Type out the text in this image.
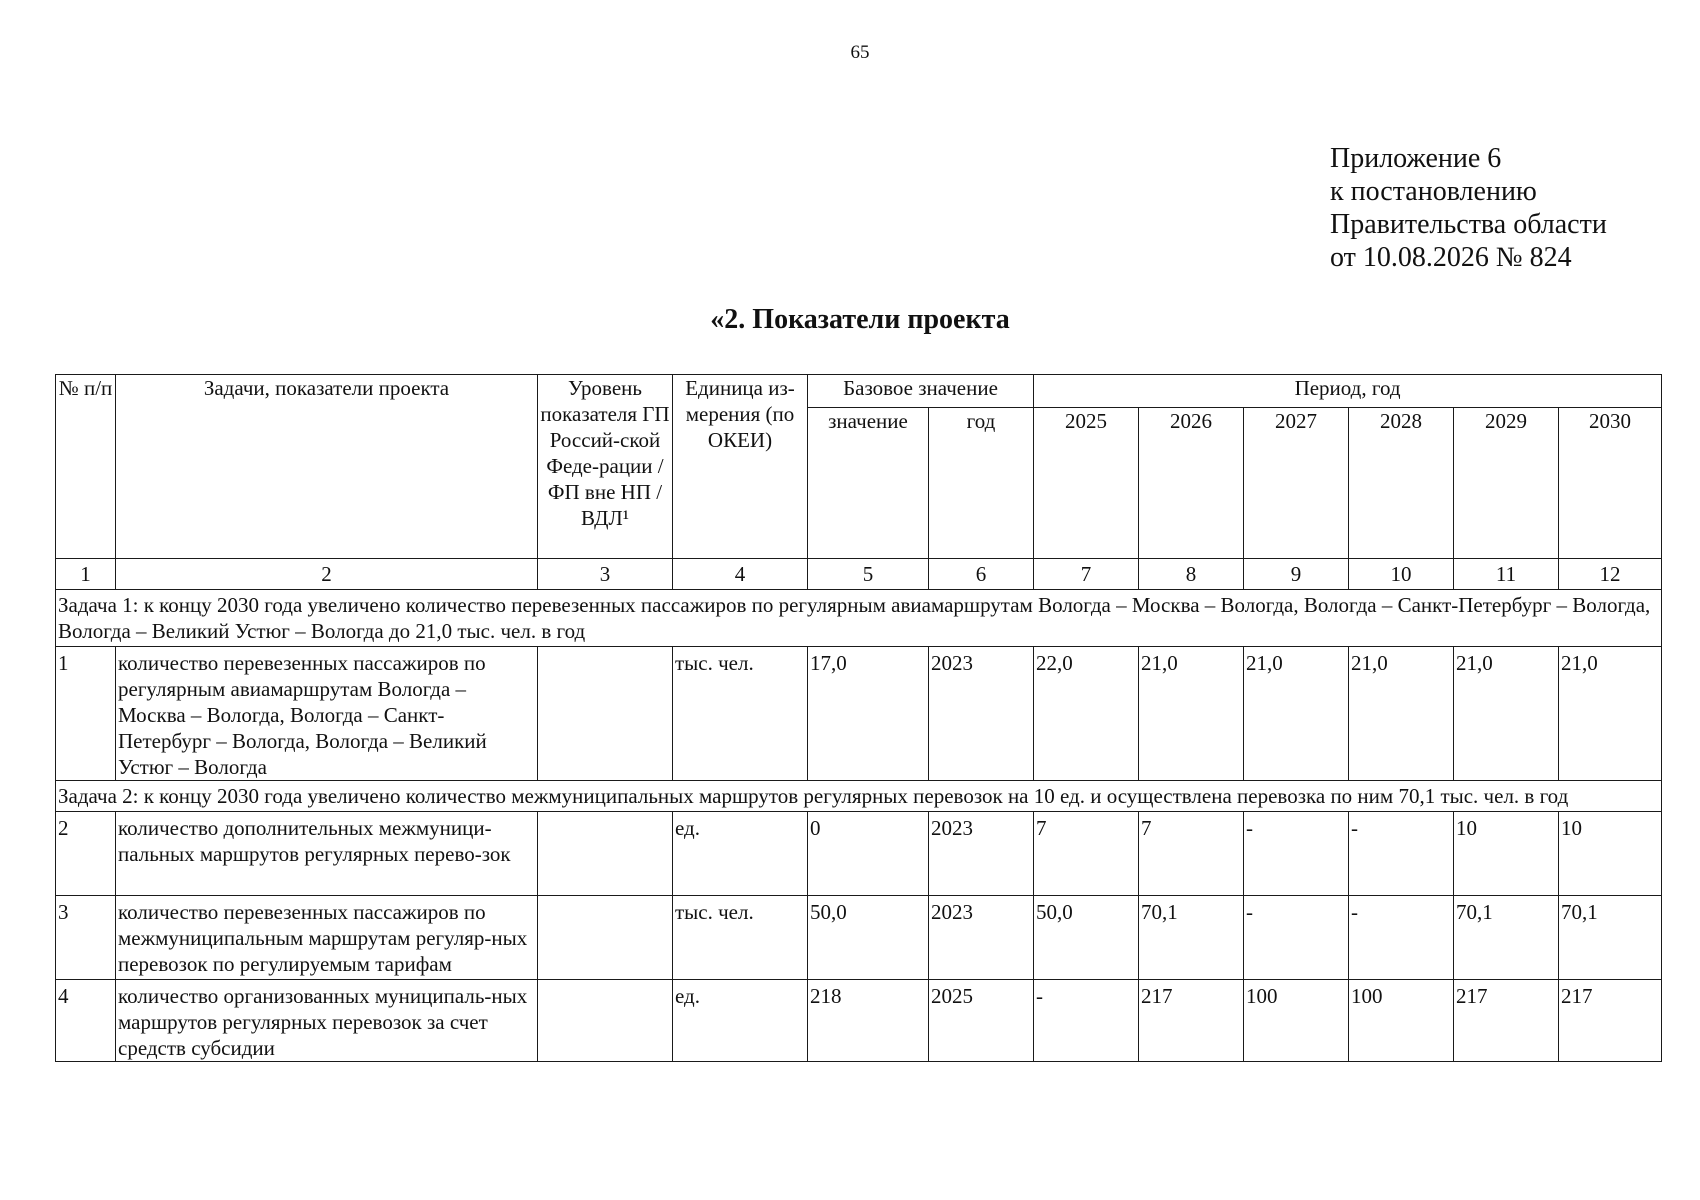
65
Приложение 6
к постановлению
Правительства области
от 10.08.2026 № 824
«2. Показатели проекта
№ п/п	Задачи, показатели проекта	Уровень показателя ГП Россий-ской Феде-рации / ФП вне НП / ВДЛ¹	Единица из-мерения (по ОКЕИ)	Базовое значение		Период, год					
				значение	год	2025	2026	2027	2028	2029	2030
1	2	3	4	5	6	7	8	9	10	11	12
Задача 1: к концу 2030 года увеличено количество перевезенных пассажиров по регулярным авиамаршрутам Вологда – Москва – Вологда, Вологда – Санкт-Петербург – Вологда, Вологда – Великий Устюг – Вологда до 21,0 тыс. чел. в год											
1	количество перевезенных пассажиров по регулярным авиамаршрутам Вологда – Москва – Вологда, Вологда – Санкт-Петербург – Вологда, Вологда – Великий Устюг – Вологда		тыс. чел.	17,0	2023	22,0	21,0	21,0	21,0	21,0	21,0
Задача 2: к концу 2030 года увеличено количество межмуниципальных маршрутов регулярных перевозок на 10 ед. и осуществлена перевозка по ним 70,1 тыс. чел. в год											
2	количество дополнительных межмуници-пальных маршрутов регулярных перево-зок		ед.	0	2023	7	7	-	-	10	10
3	количество перевезенных пассажиров по межмуниципальным маршрутам регуляр-ных перевозок по регулируемым тарифам		тыс. чел.	50,0	2023	50,0	70,1	-	-	70,1	70,1
4	количество организованных муниципаль-ных маршрутов регулярных перевозок за счет средств субсидии		ед.	218	2025	-	217	100	100	217	217
